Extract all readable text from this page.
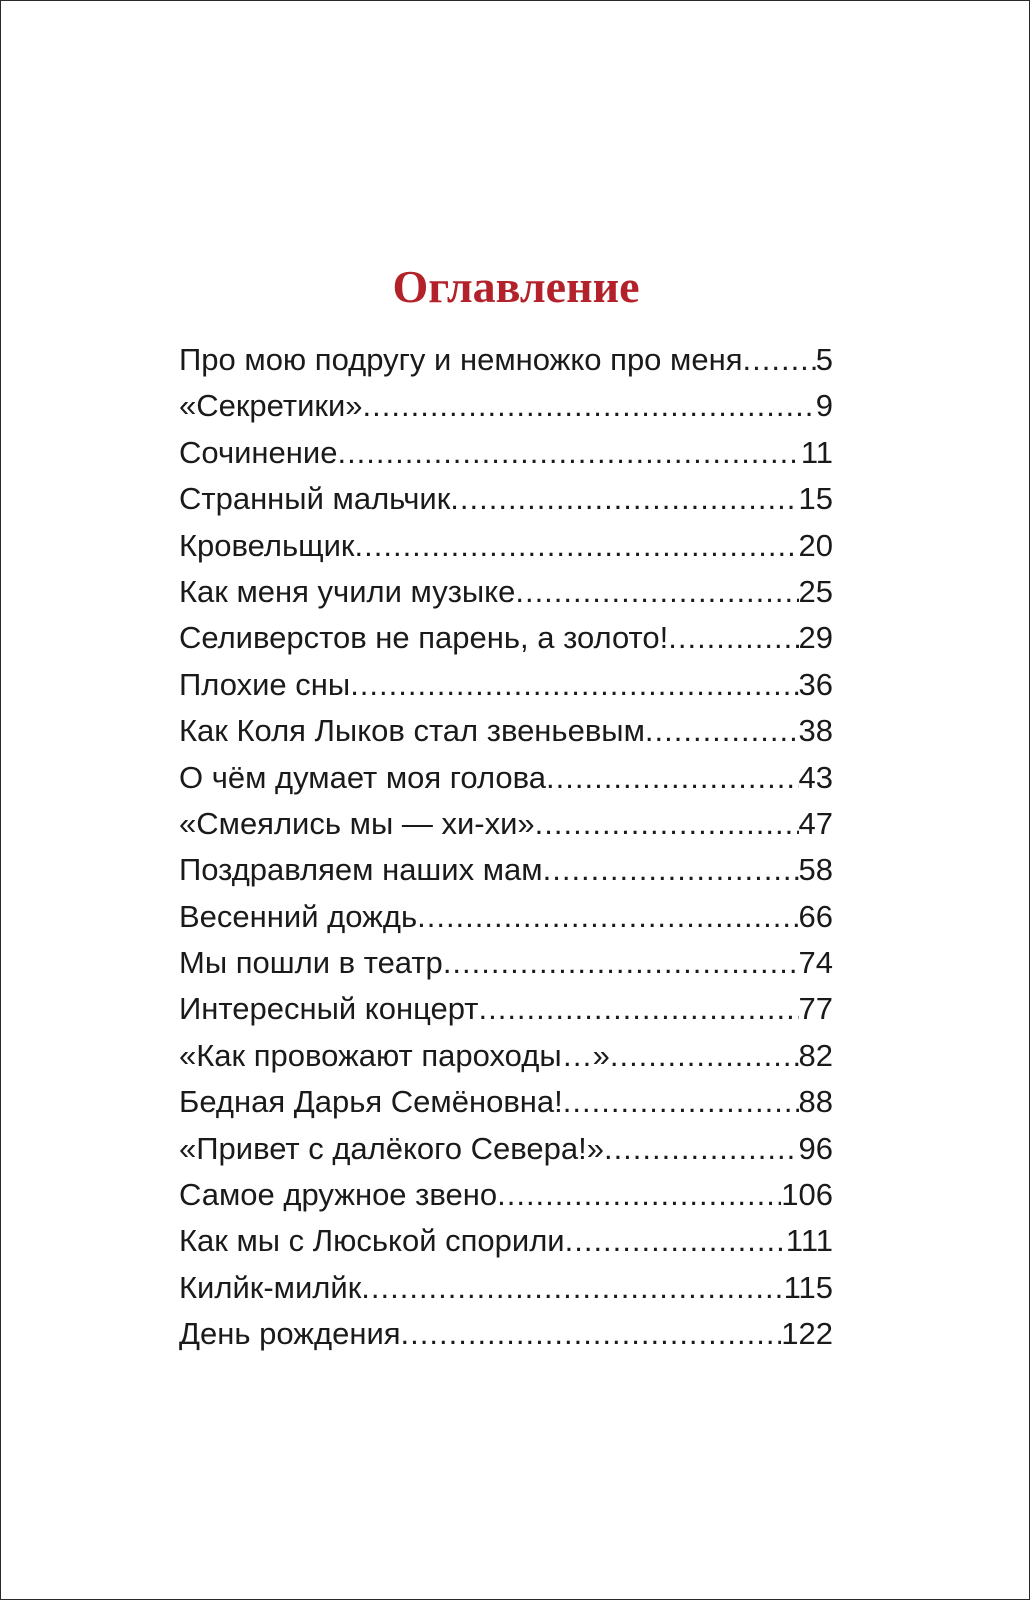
Оглавление
Про мою подругу и немножко про меня ..... 5
«Секретики» .....	9
Сочинение .....	11
Странный мальчик .....	15
Кровельщик .....	20
Как меня учили музыке .....	25
Селиверстов не парень, а золото! .....	29
Плохие сны .....	36
Как Коля Лыков стал звеньевым .....	38
О чём думает моя голова .....	43
«Смеялись мы — хи-хи» .....	47
Поздравляем наших мам .....	58
Весенний дождь .....	66
Мы пошли в театр .....	74
Интересный концерт .....	77
«Как провожают пароходы…» .....	82
Бедная Дарья Семёновна! .....	88
«Привет с далёкого Севера!» .....	96
Самое дружное звено .....	106
Как мы с Люськой спорили .....	111
Килйк-милйк .....	115
День рождения .....	122
